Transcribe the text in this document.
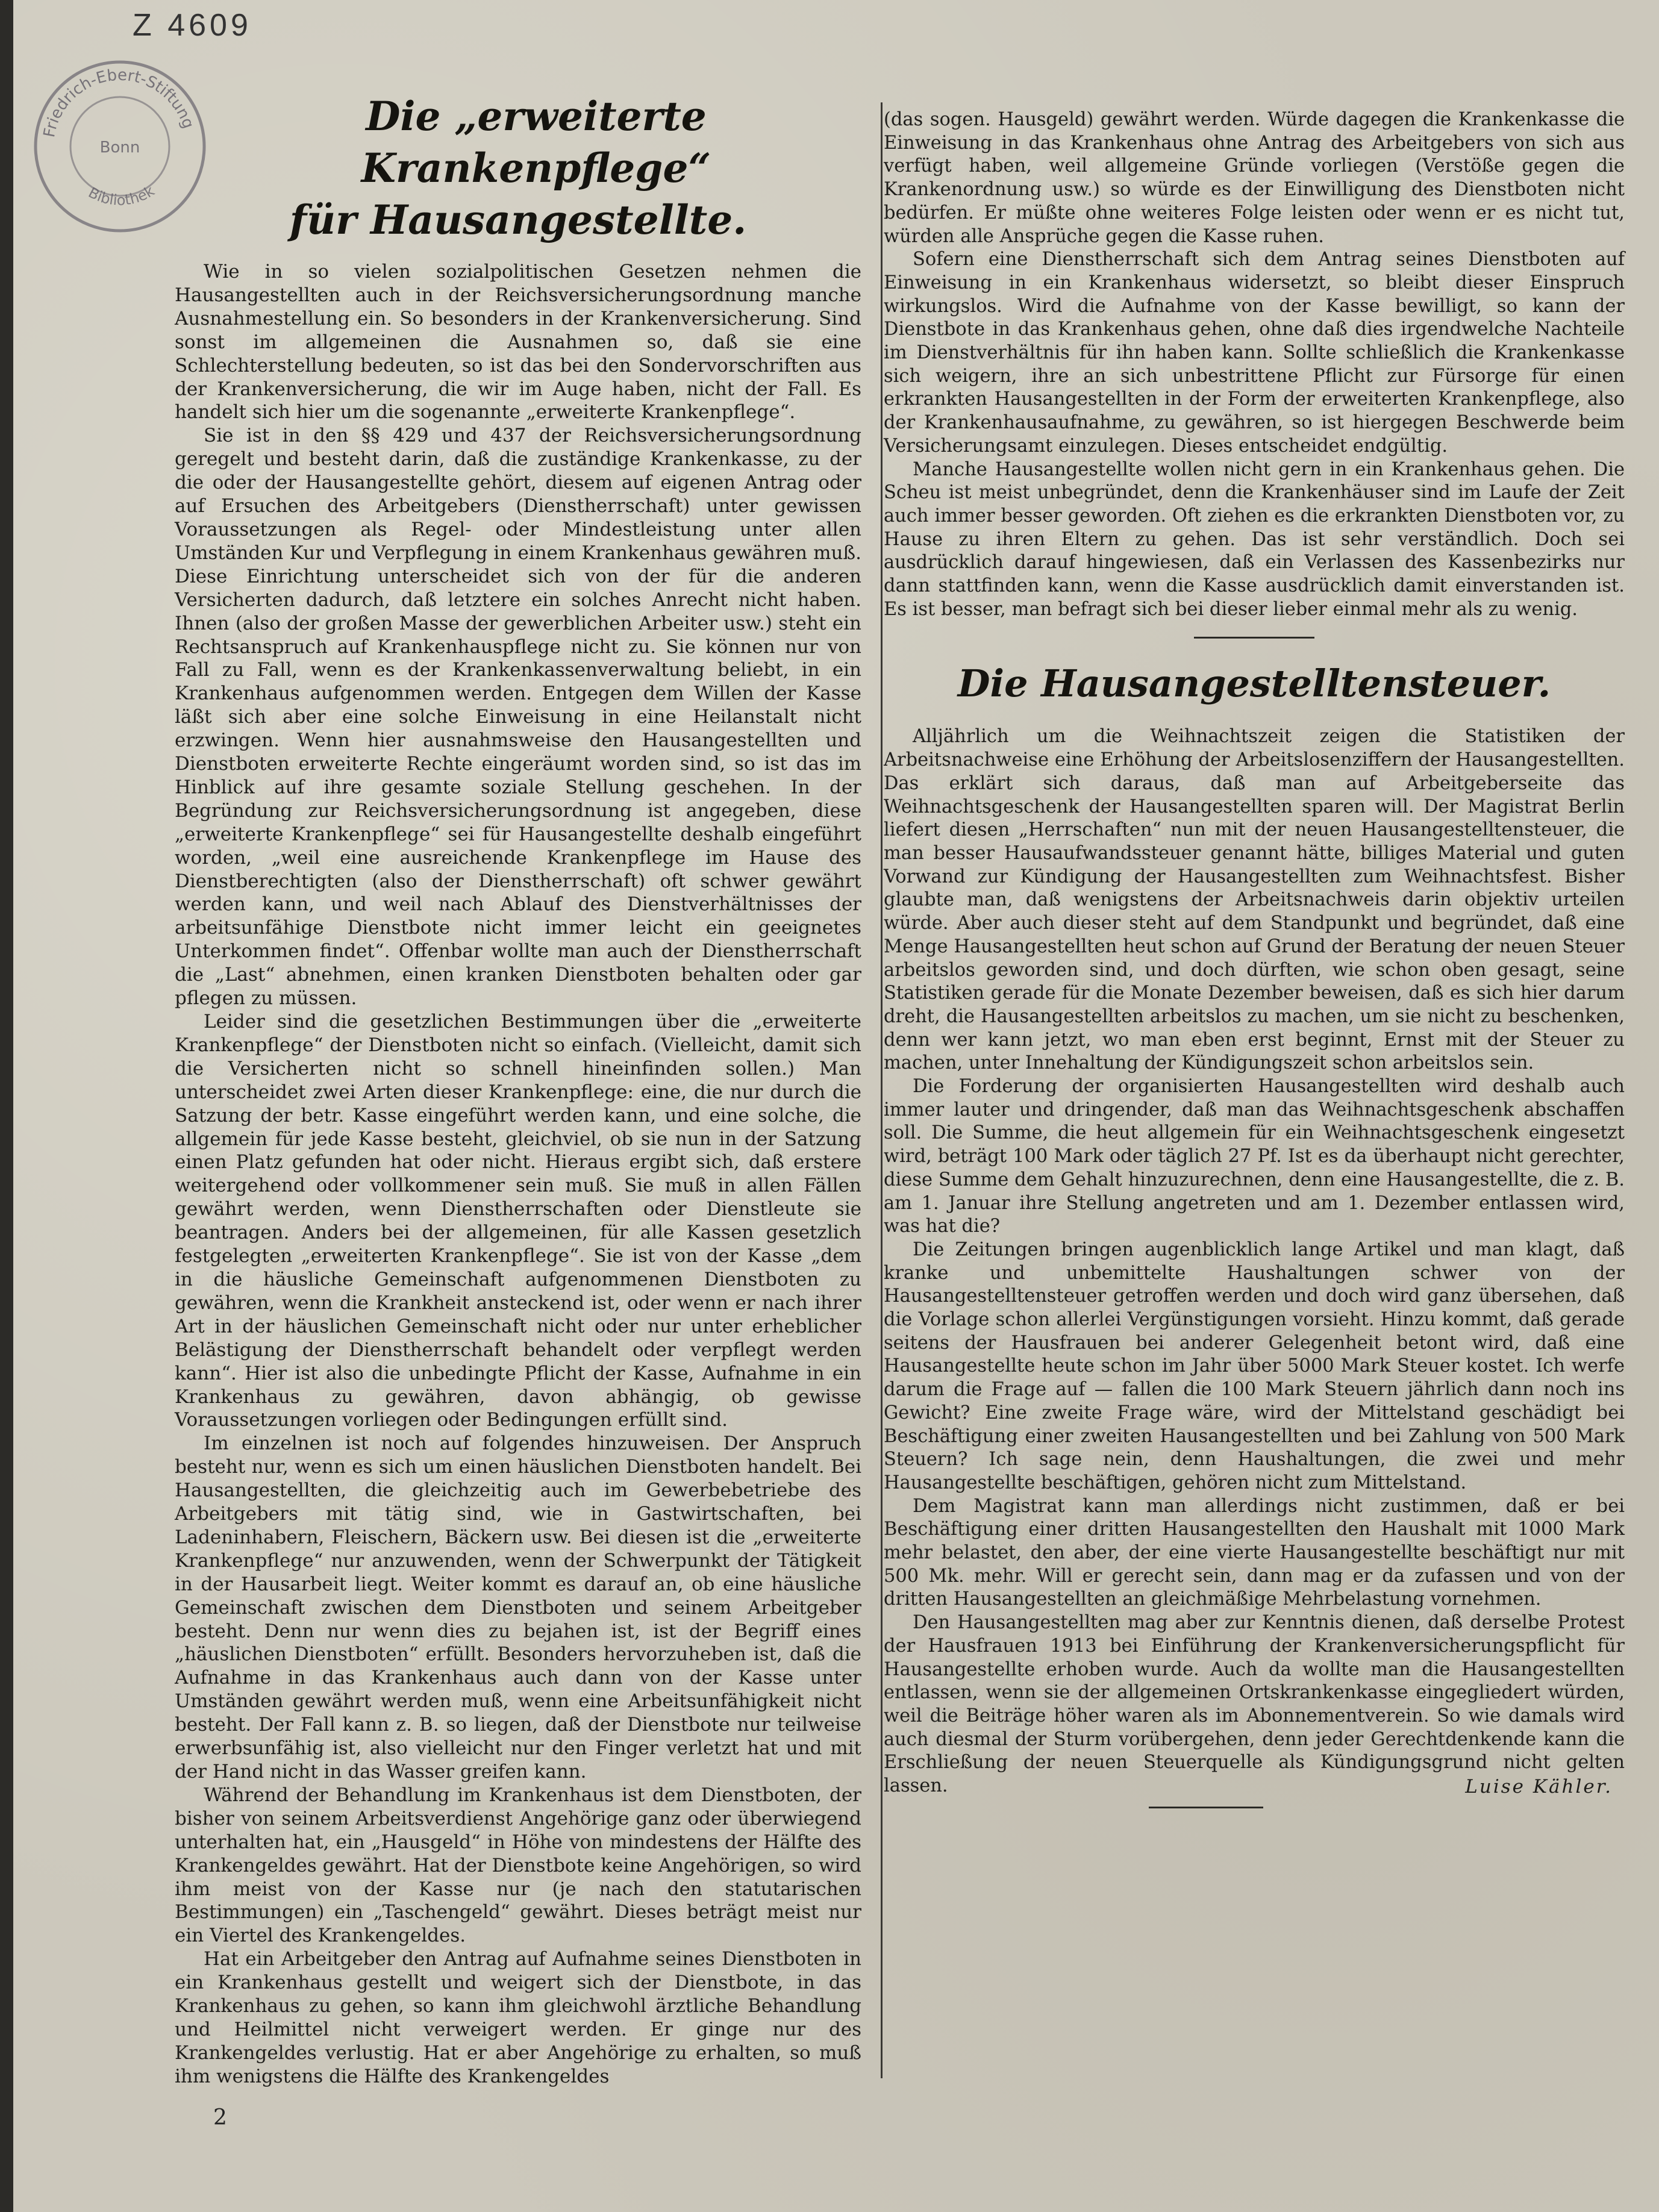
Z 4609
Friedrich-Ebert-Stiftung
Bonn
Bibliothek

Die „erweiterte Krankenpflege“
für Hausangestellte.

Wie in so vielen sozialpolitischen Gesetzen nehmen die Hausangestellten auch in der Reichsversicherungsordnung manche Ausnahmestellung ein. So besonders in der Krankenversicherung. Sind sonst im allgemeinen die Ausnahmen so, daß sie eine Schlechterstellung bedeuten, so ist das bei den Sondervorschriften aus der Krankenversicherung, die wir im Auge haben, nicht der Fall. Es handelt sich hier um die sogenannte „erweiterte Krankenpflege“.

Sie ist in den §§ 429 und 437 der Reichsversicherungsordnung geregelt und besteht darin, daß die zuständige Krankenkasse, zu der die oder der Hausangestellte gehört, diesem auf eigenen Antrag oder auf Ersuchen des Arbeitgebers (Dienstherrschaft) unter gewissen Voraussetzungen als Regel- oder Mindestleistung unter allen Umständen Kur und Verpflegung in einem Krankenhaus gewähren muß. Diese Einrichtung unterscheidet sich von der für die anderen Versicherten dadurch, daß letztere ein solches Anrecht nicht haben. Ihnen (also der großen Masse der gewerblichen Arbeiter usw.) steht ein Rechtsanspruch auf Krankenhauspflege nicht zu. Sie können nur von Fall zu Fall, wenn es der Krankenkassenverwaltung beliebt, in ein Krankenhaus aufgenommen werden. Entgegen dem Willen der Kasse läßt sich aber eine solche Einweisung in eine Heilanstalt nicht erzwingen. Wenn hier ausnahmsweise den Hausangestellten und Dienstboten erweiterte Rechte eingeräumt worden sind, so ist das im Hinblick auf ihre gesamte soziale Stellung geschehen. In der Begründung zur Reichsversicherungsordnung ist angegeben, diese „erweiterte Krankenpflege“ sei für Hausangestellte deshalb eingeführt worden, „weil eine ausreichende Krankenpflege im Hause des Dienstberechtigten (also der Dienstherrschaft) oft schwer gewährt werden kann, und weil nach Ablauf des Dienstverhältnisses der arbeitsunfähige Dienstbote nicht immer leicht ein geeignetes Unterkommen findet“. Offenbar wollte man auch der Dienstherrschaft die „Last“ abnehmen, einen kranken Dienstboten behalten oder gar pflegen zu müssen.

Leider sind die gesetzlichen Bestimmungen über die „erweiterte Krankenpflege“ der Dienstboten nicht so einfach. (Vielleicht, damit sich die Versicherten nicht so schnell hineinfinden sollen.) Man unterscheidet zwei Arten dieser Krankenpflege: eine, die nur durch die Satzung der betr. Kasse eingeführt werden kann, und eine solche, die allgemein für jede Kasse besteht, gleichviel, ob sie nun in der Satzung einen Platz gefunden hat oder nicht. Hieraus ergibt sich, daß erstere weitergehend oder vollkommener sein muß. Sie muß in allen Fällen gewährt werden, wenn Dienstherrschaften oder Dienstleute sie beantragen. Anders bei der allgemeinen, für alle Kassen gesetzlich festgelegten „erweiterten Krankenpflege“. Sie ist von der Kasse „dem in die häusliche Gemeinschaft aufgenommenen Dienstboten zu gewähren, wenn die Krankheit ansteckend ist, oder wenn er nach ihrer Art in der häuslichen Gemeinschaft nicht oder nur unter erheblicher Belästigung der Dienstherrschaft behandelt oder verpflegt werden kann“. Hier ist also die unbedingte Pflicht der Kasse, Aufnahme in ein Krankenhaus zu gewähren, davon abhängig, ob gewisse Voraussetzungen vorliegen oder Bedingungen erfüllt sind.

Im einzelnen ist noch auf folgendes hinzuweisen. Der Anspruch besteht nur, wenn es sich um einen häuslichen Dienstboten handelt. Bei Hausangestellten, die gleichzeitig auch im Gewerbebetriebe des Arbeitgebers mit tätig sind, wie in Gastwirtschaften, bei Ladeninhabern, Fleischern, Bäckern usw. Bei diesen ist die „erweiterte Krankenpflege“ nur anzuwenden, wenn der Schwerpunkt der Tätigkeit in der Hausarbeit liegt. Weiter kommt es darauf an, ob eine häusliche Gemeinschaft zwischen dem Dienstboten und seinem Arbeitgeber besteht. Denn nur wenn dies zu bejahen ist, ist der Begriff eines „häuslichen Dienstboten“ erfüllt. Besonders hervorzuheben ist, daß die Aufnahme in das Krankenhaus auch dann von der Kasse unter Umständen gewährt werden muß, wenn eine Arbeitsunfähigkeit nicht besteht. Der Fall kann z. B. so liegen, daß der Dienstbote nur teilweise erwerbsunfähig ist, also vielleicht nur den Finger verletzt hat und mit der Hand nicht in das Wasser greifen kann.

Während der Behandlung im Krankenhaus ist dem Dienstboten, der bisher von seinem Arbeitsverdienst Angehörige ganz oder überwiegend unterhalten hat, ein „Hausgeld“ in Höhe von mindestens der Hälfte des Krankengeldes gewährt. Hat der Dienstbote keine Angehörigen, so wird ihm meist von der Kasse nur (je nach den statutarischen Bestimmungen) ein „Taschengeld“ gewährt. Dieses beträgt meist nur ein Viertel des Krankengeldes.

Hat ein Arbeitgeber den Antrag auf Aufnahme seines Dienstboten in ein Krankenhaus gestellt und weigert sich der Dienstbote, in das Krankenhaus zu gehen, so kann ihm gleichwohl ärztliche Behandlung und Heilmittel nicht verweigert werden. Er ginge nur des Krankengeldes verlustig. Hat er aber Angehörige zu erhalten, so muß ihm wenigstens die Hälfte des Krankengeldes

(das sogen. Hausgeld) gewährt werden. Würde dagegen die Krankenkasse die Einweisung in das Krankenhaus ohne Antrag des Arbeitgebers von sich aus verfügt haben, weil allgemeine Gründe vorliegen (Verstöße gegen die Krankenordnung usw.) so würde es der Einwilligung des Dienstboten nicht bedürfen. Er müßte ohne weiteres Folge leisten oder wenn er es nicht tut, würden alle Ansprüche gegen die Kasse ruhen.

Sofern eine Dienstherrschaft sich dem Antrag seines Dienstboten auf Einweisung in ein Krankenhaus widersetzt, so bleibt dieser Einspruch wirkungslos. Wird die Aufnahme von der Kasse bewilligt, so kann der Dienstbote in das Krankenhaus gehen, ohne daß dies irgendwelche Nachteile im Dienstverhältnis für ihn haben kann. Sollte schließlich die Krankenkasse sich weigern, ihre an sich unbestrittene Pflicht zur Fürsorge für einen erkrankten Hausangestellten in der Form der erweiterten Krankenpflege, also der Krankenhausaufnahme, zu gewähren, so ist hiergegen Beschwerde beim Versicherungsamt einzulegen. Dieses entscheidet endgültig.

Manche Hausangestellte wollen nicht gern in ein Krankenhaus gehen. Die Scheu ist meist unbegründet, denn die Krankenhäuser sind im Laufe der Zeit auch immer besser geworden. Oft ziehen es die erkrankten Dienstboten vor, zu Hause zu ihren Eltern zu gehen. Das ist sehr verständlich. Doch sei ausdrücklich darauf hingewiesen, daß ein Verlassen des Kassenbezirks nur dann stattfinden kann, wenn die Kasse ausdrücklich damit einverstanden ist. Es ist besser, man befragt sich bei dieser lieber einmal mehr als zu wenig.

Die Hausangestelltensteuer.

Alljährlich um die Weihnachtszeit zeigen die Statistiken der Arbeitsnachweise eine Erhöhung der Arbeitslosenziffern der Hausangestellten. Das erklärt sich daraus, daß man auf Arbeitgeberseite das Weihnachtsgeschenk der Hausangestellten sparen will. Der Magistrat Berlin liefert diesen „Herrschaften“ nun mit der neuen Hausangestelltensteuer, die man besser Hausaufwandssteuer genannt hätte, billiges Material und guten Vorwand zur Kündigung der Hausangestellten zum Weihnachtsfest. Bisher glaubte man, daß wenigstens der Arbeitsnachweis darin objektiv urteilen würde. Aber auch dieser steht auf dem Standpunkt und begründet, daß eine Menge Hausangestellten heut schon auf Grund der Beratung der neuen Steuer arbeitslos geworden sind, und doch dürften, wie schon oben gesagt, seine Statistiken gerade für die Monate Dezember beweisen, daß es sich hier darum dreht, die Hausangestellten arbeitslos zu machen, um sie nicht zu beschenken, denn wer kann jetzt, wo man eben erst beginnt, Ernst mit der Steuer zu machen, unter Innehaltung der Kündigungszeit schon arbeitslos sein.

Die Forderung der organisierten Hausangestellten wird deshalb auch immer lauter und dringender, daß man das Weihnachtsgeschenk abschaffen soll. Die Summe, die heut allgemein für ein Weihnachtsgeschenk eingesetzt wird, beträgt 100 Mark oder täglich 27 Pf. Ist es da überhaupt nicht gerechter, diese Summe dem Gehalt hinzuzurechnen, denn eine Hausangestellte, die z. B. am 1. Januar ihre Stellung angetreten und am 1. Dezember entlassen wird, was hat die?

Die Zeitungen bringen augenblicklich lange Artikel und man klagt, daß kranke und unbemittelte Haushaltungen schwer von der Hausangestelltensteuer getroffen werden und doch wird ganz übersehen, daß die Vorlage schon allerlei Vergünstigungen vorsieht. Hinzu kommt, daß gerade seitens der Hausfrauen bei anderer Gelegenheit betont wird, daß eine Hausangestellte heute schon im Jahr über 5000 Mark Steuer kostet. Ich werfe darum die Frage auf — fallen die 100 Mark Steuern jährlich dann noch ins Gewicht? Eine zweite Frage wäre, wird der Mittelstand geschädigt bei Beschäftigung einer zweiten Hausangestellten und bei Zahlung von 500 Mark Steuern? Ich sage nein, denn Haushaltungen, die zwei und mehr Hausangestellte beschäftigen, gehören nicht zum Mittelstand.

Dem Magistrat kann man allerdings nicht zustimmen, daß er bei Beschäftigung einer dritten Hausangestellten den Haushalt mit 1000 Mark mehr belastet, den aber, der eine vierte Hausangestellte beschäftigt nur mit 500 Mk. mehr. Will er gerecht sein, dann mag er da zufassen und von der dritten Hausangestellten an gleichmäßige Mehrbelastung vornehmen.

Den Hausangestellten mag aber zur Kenntnis dienen, daß derselbe Protest der Hausfrauen 1913 bei Einführung der Krankenversicherungspflicht für Hausangestellte erhoben wurde. Auch da wollte man die Hausangestellten entlassen, wenn sie der allgemeinen Ortskrankenkasse eingegliedert würden, weil die Beiträge höher waren als im Abonnementverein. So wie damals wird auch diesmal der Sturm vorübergehen, denn jeder Gerechtdenkende kann die Erschließung der neuen Steuerquelle als Kündigungsgrund nicht gelten lassen.	Luise Kähler.
2
